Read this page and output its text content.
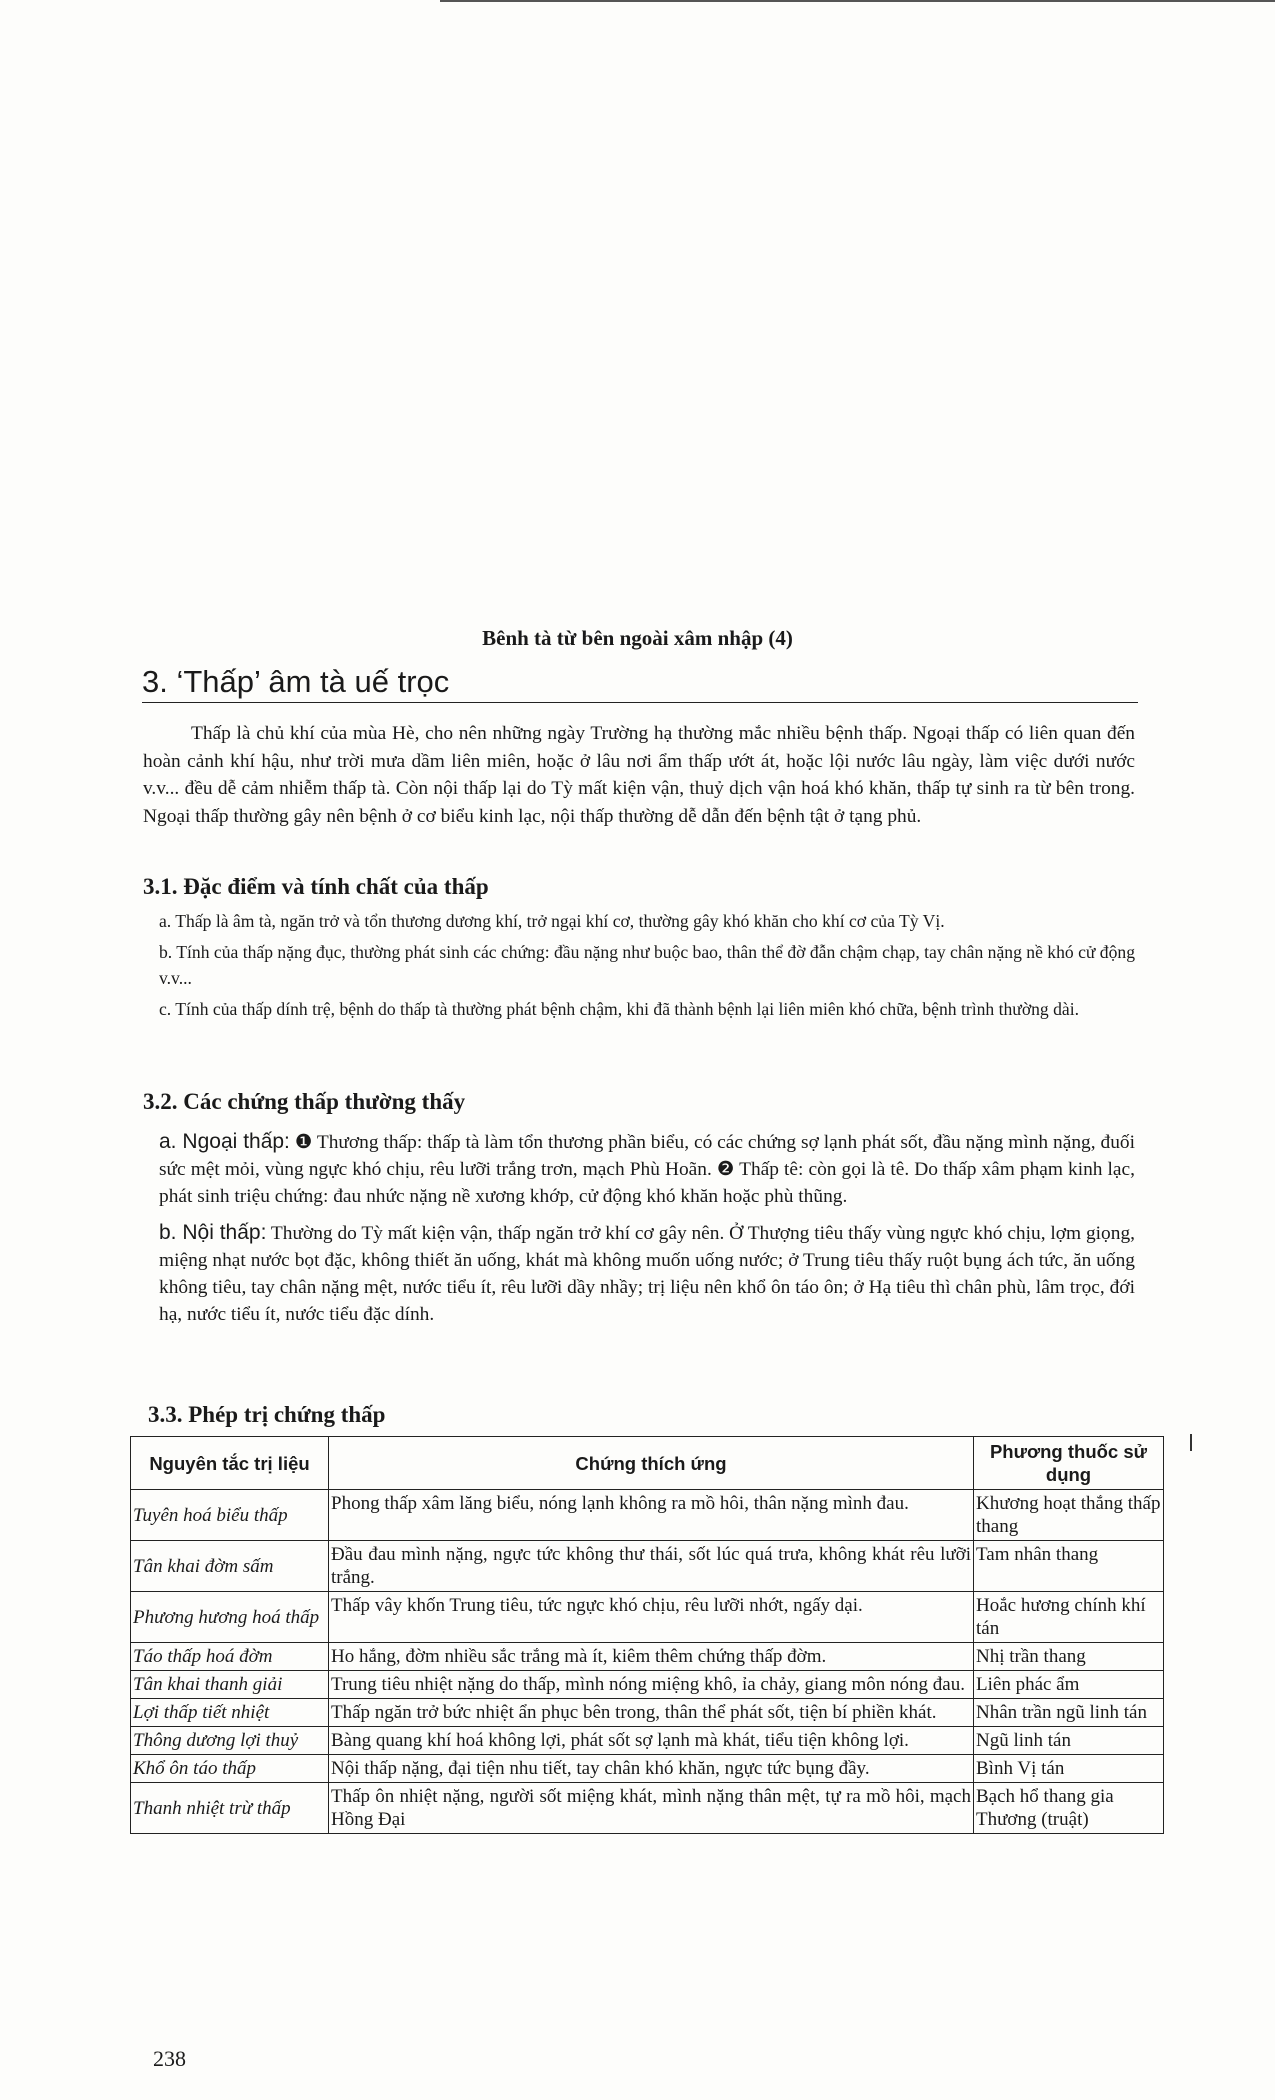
Bênh tà từ bên ngoài xâm nhập (4)
3. ‘Thấp’ âm tà uế trọc

Thấp là chủ khí của mùa Hè, cho nên những ngày Trường hạ thường mắc nhiều bệnh thấp. Ngoại thấp có liên quan đến hoàn cảnh khí hậu, như trời mưa dầm liên miên, hoặc ở lâu nơi ẩm thấp ướt át, hoặc lội nước lâu ngày, làm việc dưới nước v.v... đều dễ cảm nhiễm thấp tà. Còn nội thấp lại do Tỳ mất kiện vận, thuỷ dịch vận hoá khó khăn, thấp tự sinh ra từ bên trong. Ngoại thấp thường gây nên bệnh ở cơ biểu kinh lạc, nội thấp thường dễ dẫn đến bệnh tật ở tạng phủ.

3.1. Đặc điểm và tính chất của thấp

a. Thấp là âm tà, ngăn trở và tổn thương dương khí, trở ngại khí cơ, thường gây khó khăn cho khí cơ của Tỳ Vị.

b. Tính của thấp nặng đục, thường phát sinh các chứng: đầu nặng như buộc bao, thân thể đờ đẫn chậm chạp, tay chân nặng nề khó cử động v.v...

c. Tính của thấp dính trệ, bệnh do thấp tà thường phát bệnh chậm, khi đã thành bệnh lại liên miên khó chữa, bệnh trình thường dài.

3.2. Các chứng thấp thường thấy

a. Ngoại thấp: ❶ Thương thấp: thấp tà làm tổn thương phần biểu, có các chứng sợ lạnh phát sốt, đầu nặng mình nặng, đuối sức mệt mỏi, vùng ngực khó chịu, rêu lưỡi trắng trơn, mạch Phù Hoãn. ❷ Thấp tê: còn gọi là tê. Do thấp xâm phạm kinh lạc, phát sinh triệu chứng: đau nhức nặng nề xương khớp, cử động khó khăn hoặc phù thũng.

b. Nội thấp: Thường do Tỳ mất kiện vận, thấp ngăn trở khí cơ gây nên. Ở Thượng tiêu thấy vùng ngực khó chịu, lợm giọng, miệng nhạt nước bọt đặc, không thiết ăn uống, khát mà không muốn uống nước; ở Trung tiêu thấy ruột bụng ách tức, ăn uống không tiêu, tay chân nặng mệt, nước tiểu ít, rêu lưỡi dầy nhầy; trị liệu nên khổ ôn táo ôn; ở Hạ tiêu thì chân phù, lâm trọc, đới hạ, nước tiểu ít, nước tiểu đặc dính.

3.3. Phép trị chứng thấp
Nguyên tắc trị liệu	Chứng thích ứng	Phương thuốc sử dụng
Tuyên hoá biểu thấp	Phong thấp xâm lăng biểu, nóng lạnh không ra mồ hôi, thân nặng mình đau.	Khương hoạt thắng thấp thang
Tân khai đờm sấm	Đầu đau mình nặng, ngực tức không thư thái, sốt lúc quá trưa, không khát rêu lưỡi trắng.	Tam nhân thang
Phương hương hoá thấp	Thấp vây khốn Trung tiêu, tức ngực khó chịu, rêu lưỡi nhớt, ngấy dại.	Hoắc hương chính khí tán
Táo thấp hoá đờm	Ho hắng, đờm nhiều sắc trắng mà ít, kiêm thêm chứng thấp đờm.	Nhị trần thang
Tân khai thanh giải	Trung tiêu nhiệt nặng do thấp, mình nóng miệng khô, ỉa chảy, giang môn nóng đau.	Liên phác ẩm
Lợi thấp tiết nhiệt	Thấp ngăn trở bức nhiệt ẩn phục bên trong, thân thể phát sốt, tiện bí phiền khát.	Nhân trần ngũ linh tán
Thông dương lợi thuỷ	Bàng quang khí hoá không lợi, phát sốt sợ lạnh mà khát, tiểu tiện không lợi.	Ngũ linh tán
Khổ ôn táo thấp	Nội thấp nặng, đại tiện nhu tiết, tay chân khó khăn, ngực tức bụng đầy.	Bình Vị tán
Thanh nhiệt trừ thấp	Thấp ôn nhiệt nặng, người sốt miệng khát, mình nặng thân mệt, tự ra mồ hôi, mạch Hồng Đại	Bạch hổ thang gia Thương (truật)
238
